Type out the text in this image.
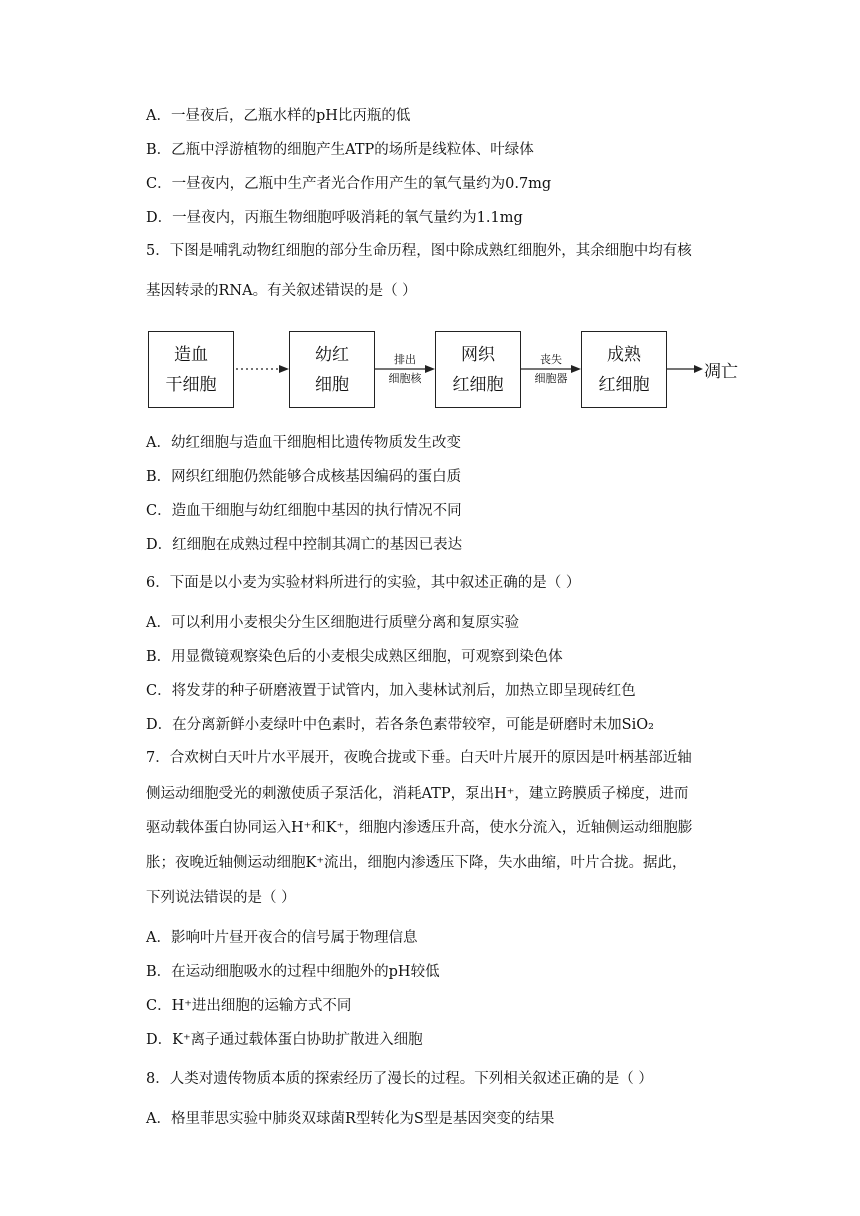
A．一昼夜后，乙瓶水样的pH比丙瓶的低
B．乙瓶中浮游植物的细胞产生ATP的场所是线粒体、叶绿体
C．一昼夜内，乙瓶中生产者光合作用产生的氧气量约为0.7mg
D．一昼夜内，丙瓶生物细胞呼吸消耗的氧气量约为1.1mg
5．下图是哺乳动物红细胞的部分生命历程，图中除成熟红细胞外，其余细胞中均有核
基因转录的RNA。有关叙述错误的是（ ）
造血
干细胞
幼红
细胞
网织
红细胞
成熟
红细胞
排出
细胞核
丧失
细胞器	凋亡
A．幼红细胞与造血干细胞相比遗传物质发生改变
B．网织红细胞仍然能够合成核基因编码的蛋白质
C．造血干细胞与幼红细胞中基因的执行情况不同
D．红细胞在成熟过程中控制其凋亡的基因已表达
6．下面是以小麦为实验材料所进行的实验，其中叙述正确的是（ ）
A．可以利用小麦根尖分生区细胞进行质壁分离和复原实验
B．用显微镜观察染色后的小麦根尖成熟区细胞，可观察到染色体
C．将发芽的种子研磨液置于试管内，加入斐林试剂后，加热立即呈现砖红色
D．在分离新鲜小麦绿叶中色素时，若各条色素带较窄，可能是研磨时未加SiO₂
7．合欢树白天叶片水平展开，夜晚合拢或下垂。白天叶片展开的原因是叶柄基部近轴
侧运动细胞受光的刺激使质子泵活化，消耗ATP，泵出H⁺，建立跨膜质子梯度，进而
驱动载体蛋白协同运入H⁺和K⁺，细胞内渗透压升高，使水分流入，近轴侧运动细胞膨
胀；夜晚近轴侧运动细胞K⁺流出，细胞内渗透压下降，失水曲缩，叶片合拢。据此，
下列说法错误的是（ ）
A．影响叶片昼开夜合的信号属于物理信息
B．在运动细胞吸水的过程中细胞外的pH较低
C．H⁺进出细胞的运输方式不同
D．K⁺离子通过载体蛋白协助扩散进入细胞
8．人类对遗传物质本质的探索经历了漫长的过程。下列相关叙述正确的是（ ）
A．格里菲思实验中肺炎双球菌R型转化为S型是基因突变的结果
